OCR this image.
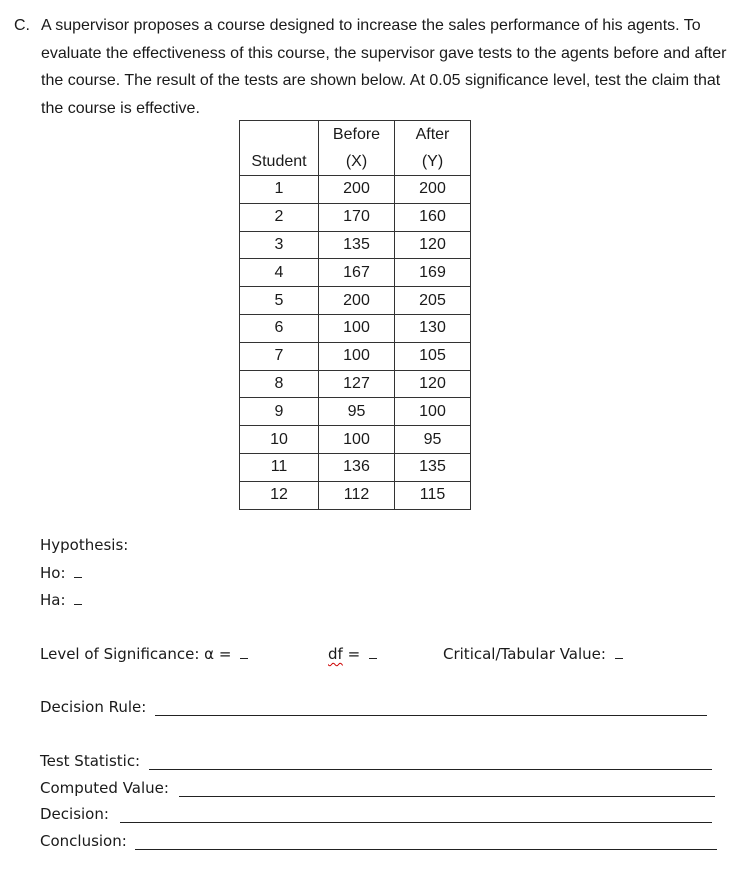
C. A supervisor proposes a course designed to increase the sales performance of his agents. To evaluate the effectiveness of this course, the supervisor gave tests to the agents before and after the course. The result of the tests are shown below. At 0.05 significance level, test the claim that the course is effective.
	Before	After
Student	(X)	(Y)
1	200	200
2	170	160
3	135	120
4	167	169
5	200	205
6	100	130
7	100	105
8	127	120
9	95	100
10	100	95
11	136	135
12	112	115
Hypothesis:
Ho:
Ha:
Level of Significance: α =	df =	Critical/Tabular Value:
Decision Rule:
Test Statistic:
Computed Value:
Decision:
Conclusion:
